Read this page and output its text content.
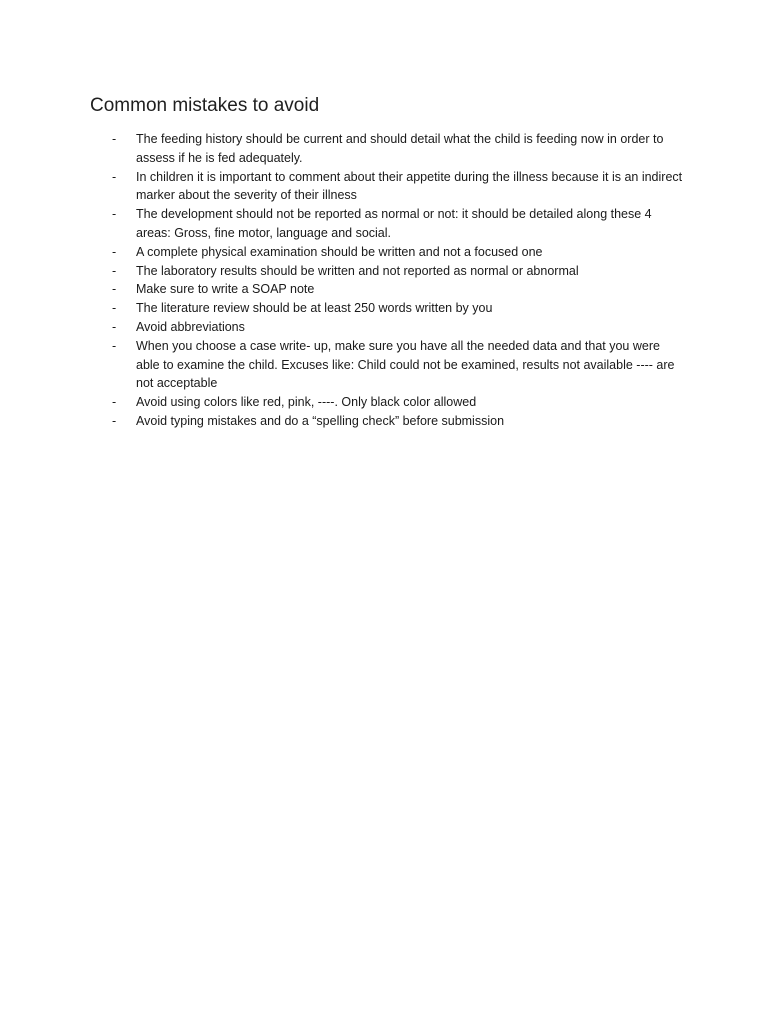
Common mistakes to avoid
- The feeding history should be current and should detail what the child is feeding now in order to assess if he is fed adequately.
- In children it is important to comment about their appetite during the illness because it is an indirect marker about the severity of their illness
- The development should not be reported as normal or not: it should be detailed along these 4 areas: Gross, fine motor, language and social.
- A complete physical examination should be written and not a focused one
- The laboratory results should be written and not reported as normal or abnormal
- Make sure to write a SOAP note
- The literature review should be at least 250 words written by you
- Avoid abbreviations
- When you choose a case write- up, make sure you have all the needed data and that you were able to examine the child. Excuses like: Child could not be examined, results not available ---- are not acceptable
- Avoid using colors like red, pink, ----. Only black color allowed
- Avoid typing mistakes and do a “spelling check” before submission
